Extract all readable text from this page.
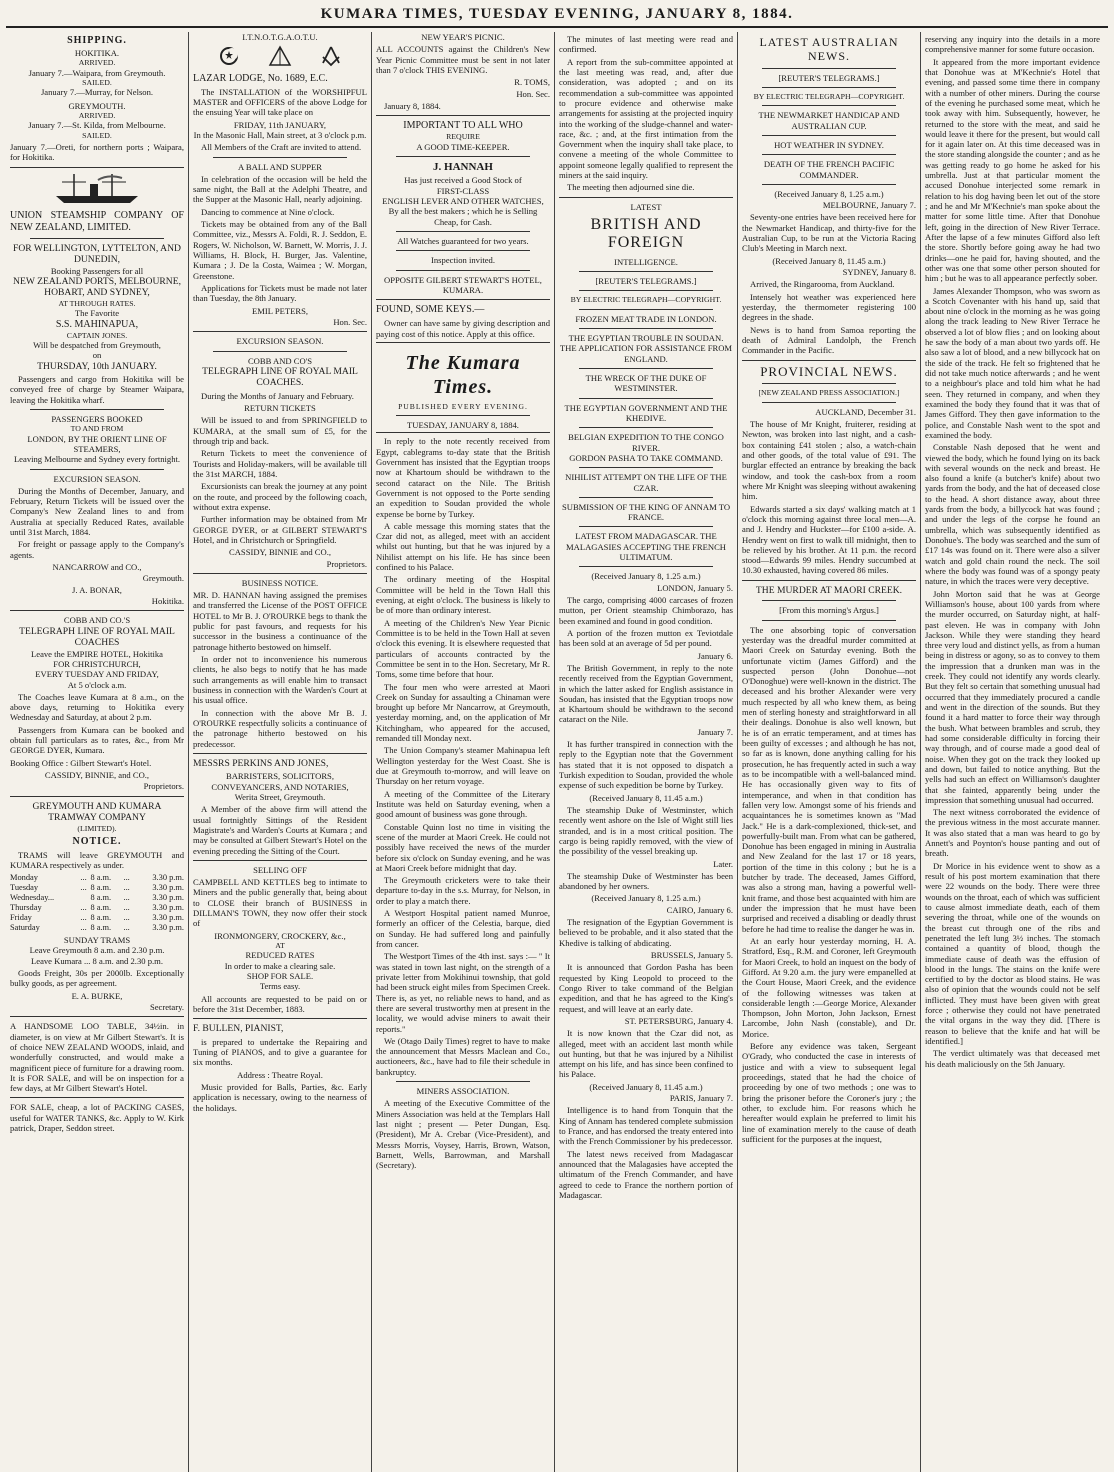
KUMARA TIMES, TUESDAY EVENING, JANUARY 8, 1884.
SHIPPING.
HOKITIKA.
ARRIVED.
January 7.—Waipara, from Greymouth.
SAILED.
January 7.—Murray, for Nelson.
GREYMOUTH.
ARRIVED.
January 7.—St. Kilda, from Melbourne.
SAILED.
January 7.—Oreti, for northern ports ; Waipara, for Hokitika.
UNION STEAMSHIP COMPANY OF NEW ZEALAND, LIMITED.
FOR WELLINGTON, LYTTELTON, AND DUNEDIN,
Booking Passengers for all
NEW ZEALAND PORTS, MELBOURNE, HOBART, AND SYDNEY,
AT THROUGH RATES.
The Favorite
S.S. MAHINAPUA,
CAPTAIN JONES.
Will be despatched from Greymouth,
on
THURSDAY, 10th JANUARY.

Passengers and cargo from Hokitika will be conveyed free of charge by Steamer Waipara, leaving the Hokitika wharf.

PASSENGERS BOOKED
TO AND FROM
LONDON, BY THE ORIENT LINE OF STEAMERS,
Leaving Melbourne and Sydney every fortnight.
EXCURSION SEASON.

During the Months of December, January, and February, Return Tickets will be issued over the Company's New Zealand lines to and from Australia at specially Reduced Rates, available until 31st March, 1884.

For freight or passage apply to the Company's agents.

NANCARROW and CO.,
Greymouth.
J. A. BONAR,
Hokitika.
COBB AND CO.'S
TELEGRAPH LINE OF ROYAL MAIL COACHES
Leave the EMPIRE HOTEL, Hokitika
FOR CHRISTCHURCH,
EVERY TUESDAY AND FRIDAY,
At 5 o'clock a.m.

The Coaches leave Kumara at 8 a.m., on the above days, returning to Hokitika every Wednesday and Saturday, at about 2 p.m.

Passengers from Kumara can be booked and obtain full particulars as to rates, &c., from Mr GEORGE DYER, Kumara.

Booking Office : Gilbert Stewart's Hotel.

CASSIDY, BINNIE, and CO.,
Proprietors.
GREYMOUTH AND KUMARA TRAMWAY COMPANY
(LIMITED).
NOTICE.

TRAMS will leave GREYMOUTH and KUMARA respectively as under.

Monday	...	8 a.m.	...	3.30 p.m.
Tuesday	...	8 a.m.	...	3.30 p.m.
Wednesday...		8 a.m.	...	3.30 p.m.
Thursday	...	8 a.m.	...	3.30 p.m.
Friday	...	8 a.m.	...	3.30 p.m.
Saturday	...	8 a.m.	...	3.30 p.m.
SUNDAY TRAMS
Leave Greymouth 8 a.m. and 2.30 p.m.
Leave Kumara ... 8 a.m. and 2.30 p.m.

Goods Freight, 30s per 2000lb. Exceptionally bulky goods, as per agreement.

E. A. BURKE,
Secretary.

A HANDSOME LOO TABLE, 34½in. in diameter, is on view at Mr Gilbert Stewart's. It is of choice NEW ZEALAND WOODS, inlaid, and wonderfully constructed, and would make a magnificent piece of furniture for a drawing room. It is FOR SALE, and will be on inspection for a few days, at Mr Gilbert Stewart's Hotel.

FOR SALE, cheap, a lot of PACKING CASES, useful for WATER TANKS, &c. Apply to W. Kirk patrick, Draper, Seddon street.

I.T.N.O.T.G.A.O.T.U.
LAZAR LODGE, No. 1689, E.C.

The INSTALLATION of the WORSHIPFUL MASTER and OFFICERS of the above Lodge for the ensuing Year will take place on

FRIDAY, 11th JANUARY,
In the Masonic Hall, Main street, at 3 o'clock p.m.

All Members of the Craft are invited to attend.

A BALL AND SUPPER

In celebration of the occasion will be held the same night, the Ball at the Adelphi Theatre, and the Supper at the Masonic Hall, nearly adjoining.

Dancing to commence at Nine o'clock.

Tickets may be obtained from any of the Ball Committee, viz., Messrs A. Foldi, R. J. Seddon, E. Rogers, W. Nicholson, W. Barnett, W. Morris, J. J. Williams, H. Block, H. Burger, Jas. Valentine, Kumara ; J. De la Costa, Waimea ; W. Morgan, Greenstone.

Applications for Tickets must be made not later than Tuesday, the 8th January.

EMIL PETERS,
Hon. Sec.
EXCURSION SEASON.
COBB AND CO'S
TELEGRAPH LINE OF ROYAL MAIL COACHES.

During the Months of January and February.

RETURN TICKETS

Will be issued to and from SPRINGFIELD to KUMARA, at the small sum of £5, for the through trip and back.

Return Tickets to meet the convenience of Tourists and Holiday-makers, will be available till the 31st MARCH, 1884.

Excursionists can break the journey at any point on the route, and proceed by the following coach, without extra expense.

Further information may be obtained from Mr GEORGE DYER, or at GILBERT STEWART'S Hotel, and in Christchurch or Springfield.

CASSIDY, BINNIE and CO.,
Proprietors.
BUSINESS NOTICE.

MR. D. HANNAN having assigned the premises and transferred the License of the POST OFFICE HOTEL to Mr B. J. O'ROURKE begs to thank the public for past favours, and requests for his successor in the business a continuance of the patronage hitherto bestowed on himself.

In order not to inconvenience his numerous clients, he also begs to notify that he has made such arrangements as will enable him to transact business in connection with the Warden's Court at his usual office.

In connection with the above Mr B. J. O'ROURKE respectfully solicits a continuance of the patronage hitherto bestowed on his predecessor.

MESSRS PERKINS AND JONES,
BARRISTERS, SOLICITORS, CONVEYANCERS, AND NOTARIES,
Werita Street, Greymouth.

A Member of the above firm will attend the usual fortnightly Sittings of the Resident Magistrate's and Warden's Courts at Kumara ; and may be consulted at Gilbert Stewart's Hotel on the evening preceding the Sitting of the Court.

SELLING OFF

CAMPBELL AND KETTLES beg to intimate to Miners and the public generally that, being about to CLOSE their branch of BUSINESS in DILLMAN'S TOWN, they now offer their stock of

IRONMONGERY, CROCKERY, &c.,
AT
REDUCED RATES
In order to make a clearing sale.
SHOP FOR SALE.
Terms easy.

All accounts are requested to be paid on or before the 31st December, 1883.

F. BULLEN, PIANIST,

is prepared to undertake the Repairing and Tuning of PIANOS, and to give a guarantee for six months.

Address : Theatre Royal.

Music provided for Balls, Parties, &c. Early application is necessary, owing to the nearness of the holidays.

NEW YEAR'S PICNIC.

ALL ACCOUNTS against the Children's New Year Picnic Committee must be sent in not later than 7 o'clock THIS EVENING.

R. TOMS,
Hon. Sec.

January 8, 1884.

IMPORTANT TO ALL WHO
REQUIRE
A GOOD TIME-KEEPER.
J. HANNAH
Has just received a Good Stock of
FIRST-CLASS
ENGLISH LEVER AND OTHER WATCHES,
By all the best makers ; which he is Selling Cheap, for Cash.
All Watches guaranteed for two years.
Inspection invited.
OPPOSITE GILBERT STEWART'S HOTEL, KUMARA.
FOUND, SOME KEYS.—

Owner can have same by giving description and paying cost of this notice. Apply at this office.

The Kumara Times.
PUBLISHED EVERY EVENING.
TUESDAY, JANUARY 8, 1884.

In reply to the note recently received from Egypt, cablegrams to-day state that the British Government has insisted that the Egyptian troops now at Khartoum should be withdrawn to the second cataract on the Nile. The British Government is not opposed to the Porte sending an expedition to Soudan provided the whole expense be borne by Turkey.

A cable message this morning states that the Czar did not, as alleged, meet with an accident whilst out hunting, but that he was injured by a Nihilist attempt on his life. He has since been confined to his Palace.

The ordinary meeting of the Hospital Committee will be held in the Town Hall this evening, at eight o'clock. The business is likely to be of more than ordinary interest.

A meeting of the Children's New Year Picnic Committee is to be held in the Town Hall at seven o'clock this evening. It is elsewhere requested that particulars of accounts contracted by the Committee be sent in to the Hon. Secretary, Mr R. Toms, some time before that hour.

The four men who were arrested at Maori Creek on Sunday for assaulting a Chinaman were brought up before Mr Nancarrow, at Greymouth, yesterday morning, and, on the application of Mr Kitchingham, who appeared for the accused, remanded till Monday next.

The Union Company's steamer Mahinapua left Wellington yesterday for the West Coast. She is due at Greymouth to-morrow, and will leave on Thursday on her return voyage.

A meeting of the Committee of the Literary Institute was held on Saturday evening, when a good amount of business was gone through.

Constable Quinn lost no time in visiting the scene of the murder at Maori Creek. He could not possibly have received the news of the murder before six o'clock on Sunday evening, and he was at Maori Creek before midnight that day.

The Greymouth cricketers were to take their departure to-day in the s.s. Murray, for Nelson, in order to play a match there.

A Westport Hospital patient named Munroe, formerly an officer of the Celestia, barque, died on Sunday. He had suffered long and painfully from cancer.

The Westport Times of the 4th inst. says :— " It was stated in town last night, on the strength of a private letter from Mokihinui township, that gold had been struck eight miles from Specimen Creek. There is, as yet, no reliable news to hand, and as there are several trustworthy men at present in the locality, we would advise miners to await their reports."

We (Otago Daily Times) regret to have to make the announcement that Messrs Maclean and Co., auctioneers, &c., have had to file their schedule in bankruptcy.

MINERS ASSOCIATION.

A meeting of the Executive Committee of the Miners Association was held at the Templars Hall last night ; present — Peter Dungan, Esq. (President), Mr A. Crebar (Vice-President), and Messrs Morris, Voysey, Harris, Brown, Watson, Barnett, Wells, Barrowman, and Marshall (Secretary).

The minutes of last meeting were read and confirmed.

A report from the sub-committee appointed at the last meeting was read, and, after due consideration, was adopted ; and on its recommendation a sub-committee was appointed to procure evidence and otherwise make arrangements for assisting at the projected inquiry into the working of the sludge-channel and water-race, &c. ; and, at the first intimation from the Government when the inquiry shall take place, to convene a meeting of the whole Committee to appoint someone legally qualified to represent the miners at the said inquiry.

The meeting then adjourned sine die.

LATEST
BRITISH AND FOREIGN
INTELLIGENCE.
[REUTER'S TELEGRAMS.]
BY ELECTRIC TELEGRAPH—COPYRIGHT.
FROZEN MEAT TRADE IN LONDON.
THE EGYPTIAN TROUBLE IN SOUDAN.
THE APPLICATION FOR ASSISTANCE FROM ENGLAND.
THE WRECK OF THE DUKE OF WESTMINSTER.
THE EGYPTIAN GOVERNMENT AND THE KHEDIVE.
BELGIAN EXPEDITION TO THE CONGO RIVER.
GORDON PASHA TO TAKE COMMAND.
NIHILIST ATTEMPT ON THE LIFE OF THE CZAR.
SUBMISSION OF THE KING OF ANNAM TO FRANCE.
LATEST FROM MADAGASCAR. THE MALAGASIES ACCEPTING THE FRENCH ULTIMATUM.
(Received January 8, 1.25 a.m.)
LONDON, January 5.

The cargo, comprising 4000 carcases of frozen mutton, per Orient steamship Chimborazo, has been examined and found in good condition.

A portion of the frozen mutton ex Teviotdale has been sold at an average of 5d per pound.

January 6.

The British Government, in reply to the note recently received from the Egyptian Government, in which the latter asked for English assistance in Soudan, has insisted that the Egyptian troops now at Khartoum should be withdrawn to the second cataract on the Nile.

January 7.

It has further transpired in connection with the reply to the Egyptian note that the Government has stated that it is not opposed to dispatch a Turkish expedition to Soudan, provided the whole expense of such expedition be borne by Turkey.

(Received January 8, 11.45 a.m.)

The steamship Duke of Westminster, which recently went ashore on the Isle of Wight still lies stranded, and is in a most critical position. The cargo is being rapidly removed, with the view of the possibility of the vessel breaking up.

Later.

The steamship Duke of Westminster has been abandoned by her owners.

(Received January 8, 1.25 a.m.)
CAIRO, January 6.

The resignation of the Egyptian Government is believed to be probable, and it also stated that the Khedive is talking of abdicating.

BRUSSELS, January 5.

It is announced that Gordon Pasha has been requested by King Leopold to proceed to the Congo River to take command of the Belgian expedition, and that he has agreed to the King's request, and will leave at an early date.

ST. PETERSBURG, January 4.

It is now known that the Czar did not, as alleged, meet with an accident last month while out hunting, but that he was injured by a Nihilist attempt on his life, and has since been confined to his Palace.

(Received January 8, 11.45 a.m.)
PARIS, January 7.

Intelligence is to hand from Tonquin that the King of Annam has tendered complete submission to France, and has endorsed the treaty entered into with the French Commissioner by his predecessor.

The latest news received from Madagascar announced that the Malagasies have accepted the ultimatum of the French Commander, and have agreed to cede to France the northern portion of Madagascar.

LATEST AUSTRALIAN NEWS.
[REUTER'S TELEGRAMS.]
BY ELECTRIC TELEGRAPH—COPYRIGHT.
THE NEWMARKET HANDICAP AND AUSTRALIAN CUP.
HOT WEATHER IN SYDNEY.
DEATH OF THE FRENCH PACIFIC COMMANDER.
(Received January 8, 1.25 a.m.)
MELBOURNE, January 7.

Seventy-one entries have been received here for the Newmarket Handicap, and thirty-five for the Australian Cup, to be run at the Victoria Racing Club's Meeting in March next.

(Received January 8, 11.45 a.m.)
SYDNEY, January 8.

Arrived, the Ringarooma, from Auckland.

Intensely hot weather was experienced here yesterday, the thermometer registering 100 degrees in the shade.

News is to hand from Samoa reporting the death of Admiral Landolph, the French Commander in the Pacific.

PROVINCIAL NEWS.
[NEW ZEALAND PRESS ASSOCIATION.]
AUCKLAND, December 31.

The house of Mr Knight, fruiterer, residing at Newton, was broken into last night, and a cash-box containing £41 stolen ; also, a watch-chain and other goods, of the total value of £91. The burglar effected an entrance by breaking the back window, and took the cash-box from a room where Mr Knight was sleeping without awakening him.

Edwards started a six days' walking match at 1 o'clock this morning against three local men—A. and J. Hendry and Huckster—for £100 a-side. A. Hendry went on first to walk till midnight, then to be relieved by his brother. At 11 p.m. the record stood—Edwards 99 miles. Hendry succumbed at 10.30 exhausted, having covered 86 miles.

THE MURDER AT MAORI CREEK.
[From this morning's Argus.]

The one absorbing topic of conversation yesterday was the dreadful murder committed at Maori Creek on Saturday evening. Both the unfortunate victim (James Gifford) and the suspected person (John Donohue—not O'Donoghue) were well-known in the district. The deceased and his brother Alexander were very much respected by all who knew them, as being men of sterling honesty and straightforward in all their dealings. Donohue is also well known, but he is of an erratic temperament, and at times has been guilty of excesses ; and although he has not, so far as is known, done anything calling for his prosecution, he has frequently acted in such a way as to be incompatible with a well-balanced mind. He has occasionally given way to fits of intemperance, and when in that condition has fallen very low. Amongst some of his friends and acquaintances he is sometimes known as "Mad Jack." He is a dark-complexioned, thick-set, and powerfully-built man. From what can be gathered, Donohue has been engaged in mining in Australia and New Zealand for the last 17 or 18 years, portion of the time in this colony ; but he is a butcher by trade. The deceased, James Gifford, was also a strong man, having a powerful well-knit frame, and those best acquainted with him are under the impression that he must have been surprised and received a disabling or deadly thrust before he had time to realise the danger he was in.

At an early hour yesterday morning, H. A. Stratford, Esq., R.M. and Coroner, left Greymouth for Maori Creek, to hold an inquest on the body of Gifford. At 9.20 a.m. the jury were empanelled at the Court House, Maori Creek, and the evidence of the following witnesses was taken at considerable length :—George Morice, Alexander Thompson, John Morton, John Jackson, Ernest Larcombe, John Nash (constable), and Dr. Morice.

Before any evidence was taken, Sergeant O'Grady, who conducted the case in interests of justice and with a view to subsequent legal proceedings, stated that he had the choice of proceeding by one of two methods ; one was to bring the prisoner before the Coroner's jury ; the other, to exclude him. For reasons which he hereafter would explain he preferred to limit his line of examination merely to the cause of death sufficient for the purposes at the inquest,

reserving any inquiry into the details in a more comprehensive manner for some future occasion.

It appeared from the more important evidence that Donohue was at M'Kechnie's Hotel that evening, and passed some time there in company with a number of other miners. During the course of the evening he purchased some meat, which he took away with him. Subsequently, however, he returned to the store with the meat, and said he would leave it there for the present, but would call for it again later on. At this time deceased was in the store standing alongside the counter ; and as he was getting ready to go home he asked for his umbrella. Just at that particular moment the accused Donohue interjected some remark in relation to his dog having been let out of the store ; and he and Mr M'Kechnie's man spoke about the matter for some little time. After that Donohue left, going in the direction of New River Terrace. After the lapse of a few minutes Gifford also left the store. Shortly before going away he had two drinks—one he paid for, having shouted, and the other was one that some other person shouted for him ; but he was to all appearance perfectly sober.

James Alexander Thompson, who was sworn as a Scotch Covenanter with his hand up, said that about nine o'clock in the morning as he was going along the track leading to New River Terrace he observed a lot of blow flies ; and on looking about he saw the body of a man about two yards off. He also saw a lot of blood, and a new billycock hat on the side of the track. He felt so frightened that he did not take much notice afterwards ; and he went to a neighbour's place and told him what he had seen. They returned in company, and when they examined the body they found that it was that of James Gifford. They then gave information to the police, and Constable Nash went to the spot and examined the body.

Constable Nash deposed that he went and viewed the body, which he found lying on its back with several wounds on the neck and breast. He also found a knife (a butcher's knife) about two yards from the body, and the hat of deceased close to the head. A short distance away, about three yards from the body, a billycock hat was found ; and under the legs of the corpse he found an umbrella, which was subsequently identified as Donohue's. The body was searched and the sum of £17 14s was found on it. There were also a silver watch and gold chain round the neck. The soil where the body was found was of a spongy peaty nature, in which the traces were very deceptive.

John Morton said that he was at George Williamson's house, about 100 yards from where the murder occurred, on Saturday night, at half-past eleven. He was in company with John Jackson. While they were standing they heard three very loud and distinct yells, as from a human being in distress or agony, so as to convey to them the impression that a drunken man was in the creek. They could not identify any words clearly. But they felt so certain that something unusual had occurred that they immediately procured a candle and went in the direction of the sounds. But they found it a hard matter to force their way through the bush. What between brambles and scrub, they had some considerable difficulty in forcing their way through, and of course made a good deal of noise. When they got on the track they looked up and down, but failed to notice anything. But the yells had such an effect on Williamson's daughter that she fainted, apparently being under the impression that something unusual had occurred.

The next witness corroborated the evidence of the previous witness in the most accurate manner. It was also stated that a man was heard to go by Annett's and Poynton's house panting and out of breath.

Dr Morice in his evidence went to show as a result of his post mortem examination that there were 22 wounds on the body. There were three wounds on the throat, each of which was sufficient to cause almost immediate death, each of them severing the throat, while one of the wounds on the breast cut through one of the ribs and penetrated the left lung 3½ inches. The stomach contained a quantity of blood, though the immediate cause of death was the effusion of blood in the lungs. The stains on the knife were certified to by the doctor as blood stains. He was also of opinion that the wounds could not be self inflicted. They must have been given with great force ; otherwise they could not have penetrated the vital organs in the way they did. [There is reason to believe that the knife and hat will be identified.]

The verdict ultimately was that deceased met his death maliciously on the 5th January.
